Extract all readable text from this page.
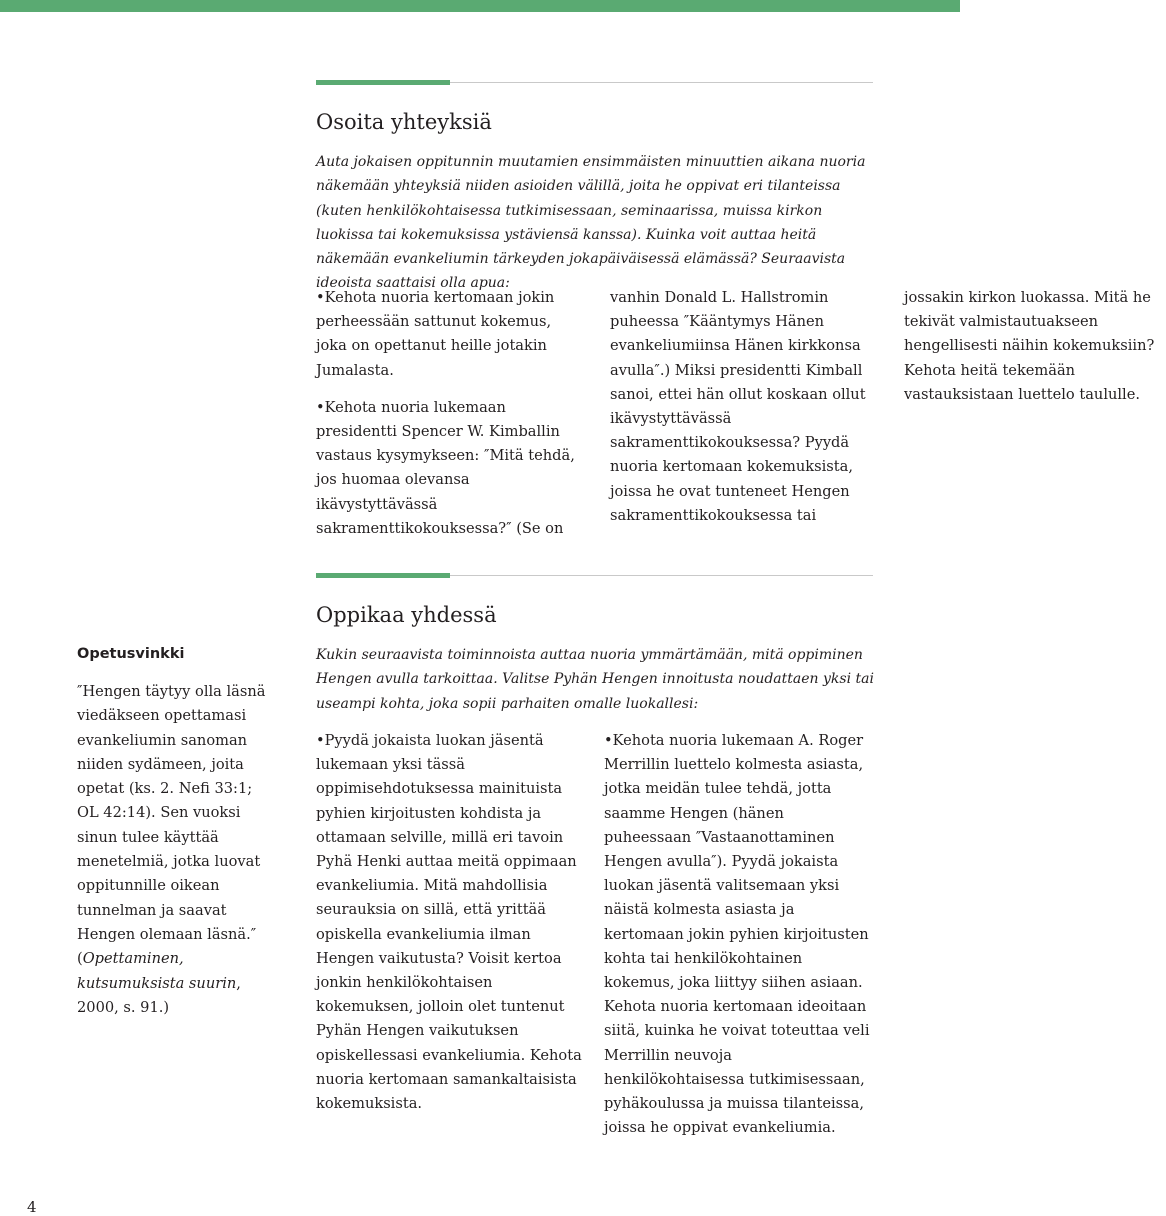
Osoita yhteyksiä

Auta jokaisen oppitunnin muutamien ensimmäisten minuuttien aikana nuoria näkemään yhteyksiä niiden asioiden välillä, joita he oppivat eri tilanteissa (kuten henkilökohtaisessa tutkimisessaan, seminaarissa, muissa kirkon luokissa tai kokemuksissa ystäviensä kanssa). Kuinka voit auttaa heitä näkemään evankeliumin tärkeyden jokapäiväisessä elämässä? Seuraavista ideoista saattaisi olla apua:

•Kehota nuoria kertomaan jokin perheessään sattunut kokemus, joka on opettanut heille jotakin Jumalasta.

•Kehota nuoria lukemaan presidentti Spencer W. Kimballin vastaus kysymykseen: ″Mitä tehdä, jos huomaa olevansa ikävystyttävässä sakramenttikokouksessa?″ (Se on vanhin Donald L. Hallstromin puheessa ″Kääntymys Hänen evankeliumiinsa Hänen kirkkonsa avulla″.) Miksi presidentti Kimball sanoi, ettei hän ollut koskaan ollut ikävystyttävässä sakramenttikokouksessa? Pyydä nuoria kertomaan kokemuksista, joissa he ovat tunteneet Hengen sakramenttikokouksessa tai jossakin kirkon luokassa. Mitä he tekivät valmistautuakseen hengellisesti näihin kokemuksiin? Kehota heitä tekemään vastauksistaan luettelo taululle.

Oppikaa yhdessä

Kukin seuraavista toiminnoista auttaa nuoria ymmärtämään, mitä oppiminen Hengen avulla tarkoittaa. Valitse Pyhän Hengen innoitusta noudattaen yksi tai useampi kohta, joka sopii parhaiten omalle luokallesi:

•Pyydä jokaista luokan jäsentä lukemaan yksi tässä oppimisehdotuksessa mainituista pyhien kirjoitusten kohdista ja ottamaan selville, millä eri tavoin Pyhä Henki auttaa meitä oppimaan evankeliumia. Mitä mahdollisia seurauksia on sillä, että yrittää opiskella evankeliumia ilman Hengen vaikutusta? Voisit kertoa jonkin henkilökohtaisen kokemuksen, jolloin olet tuntenut Pyhän Hengen vaikutuksen opiskellessasi evankeliumia. Kehota nuoria kertomaan samankaltaisista kokemuksista.

•Kehota nuoria lukemaan A. Roger Merrillin luettelo kolmesta asiasta, jotka meidän tulee tehdä, jotta saamme Hengen (hänen puheessaan ″Vastaanottaminen Hengen avulla″). Pyydä jokaista luokan jäsentä valitsemaan yksi näistä kolmesta asiasta ja kertomaan jokin pyhien kirjoitusten kohta tai henkilökohtainen kokemus, joka liittyy siihen asiaan. Kehota nuoria kertomaan ideoitaan siitä, kuinka he voivat toteuttaa veli Merrillin neuvoja henkilökohtaisessa tutkimisessaan, pyhäkoulussa ja muissa tilanteissa, joissa he oppivat evankeliumia.

Opetusvinkki

″Hengen täytyy olla läsnä viedäkseen opettamasi evankeliumin sanoman niiden sydämeen, joita opetat (ks. 2. Nefi 33:1; OL 42:14). Sen vuoksi sinun tulee käyttää menetelmiä, jotka luovat oppitunnille oikean tunnelman ja saavat Hengen olemaan läsnä.″ (Opettaminen, kutsumuksista suurin, 2000, s. 91.)

4
